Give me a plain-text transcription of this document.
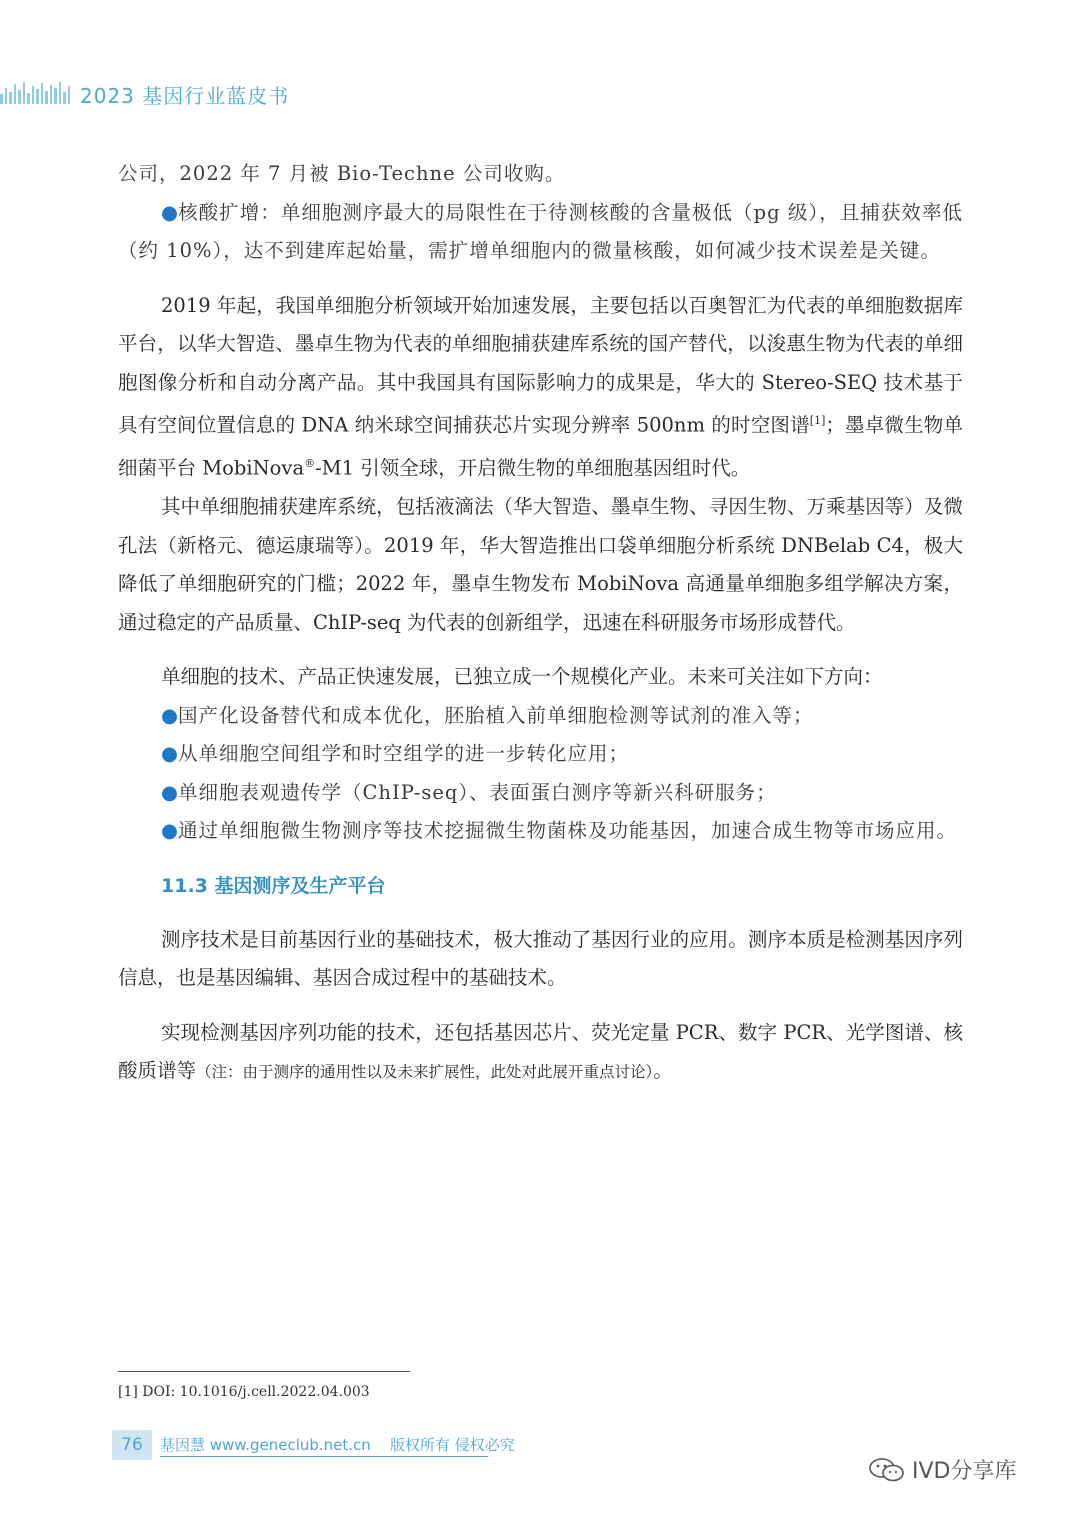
2023 基因行业蓝皮书

公司，2022 年 7 月被 Bio-Techne 公司收购。

●核酸扩增：单细胞测序最大的局限性在于待测核酸的含量极低（pg 级），且捕获效率低（约 10%），达不到建库起始量，需扩增单细胞内的微量核酸，如何减少技术误差是关键。

2019 年起，我国单细胞分析领域开始加速发展，主要包括以百奥智汇为代表的单细胞数据库平台，以华大智造、墨卓生物为代表的单细胞捕获建库系统的国产替代，以浚惠生物为代表的单细胞图像分析和自动分离产品。其中我国具有国际影响力的成果是，华大的 Stereo-SEQ 技术基于具有空间位置信息的 DNA 纳米球空间捕获芯片实现分辨率 500nm 的时空图谱[1]；墨卓微生物单细菌平台 MobiNova®-M1 引领全球，开启微生物的单细胞基因组时代。

其中单细胞捕获建库系统，包括液滴法（华大智造、墨卓生物、寻因生物、万乘基因等）及微孔法（新格元、德运康瑞等）。2019 年，华大智造推出口袋单细胞分析系统 DNBelab C4，极大降低了单细胞研究的门槛；2022 年，墨卓生物发布 MobiNova 高通量单细胞多组学解决方案，通过稳定的产品质量、ChIP-seq 为代表的创新组学，迅速在科研服务市场形成替代。

单细胞的技术、产品正快速发展，已独立成一个规模化产业。未来可关注如下方向：

●国产化设备替代和成本优化，胚胎植入前单细胞检测等试剂的准入等；

●从单细胞空间组学和时空组学的进一步转化应用；

●单细胞表观遗传学（ChIP-seq）、表面蛋白测序等新兴科研服务；

●通过单细胞微生物测序等技术挖掘微生物菌株及功能基因，加速合成生物等市场应用。

11.3 基因测序及生产平台

测序技术是目前基因行业的基础技术，极大推动了基因行业的应用。测序本质是检测基因序列信息，也是基因编辑、基因合成过程中的基础技术。

实现检测基因序列功能的技术，还包括基因芯片、荧光定量 PCR、数字 PCR、光学图谱、核酸质谱等（注：由于测序的通用性以及未来扩展性，此处对此展开重点讨论）。

[1] DOI: 10.1016/j.cell.2022.04.003
76	基因慧 www.geneclub.net.cn 版权所有 侵权必究
IVD分享库
